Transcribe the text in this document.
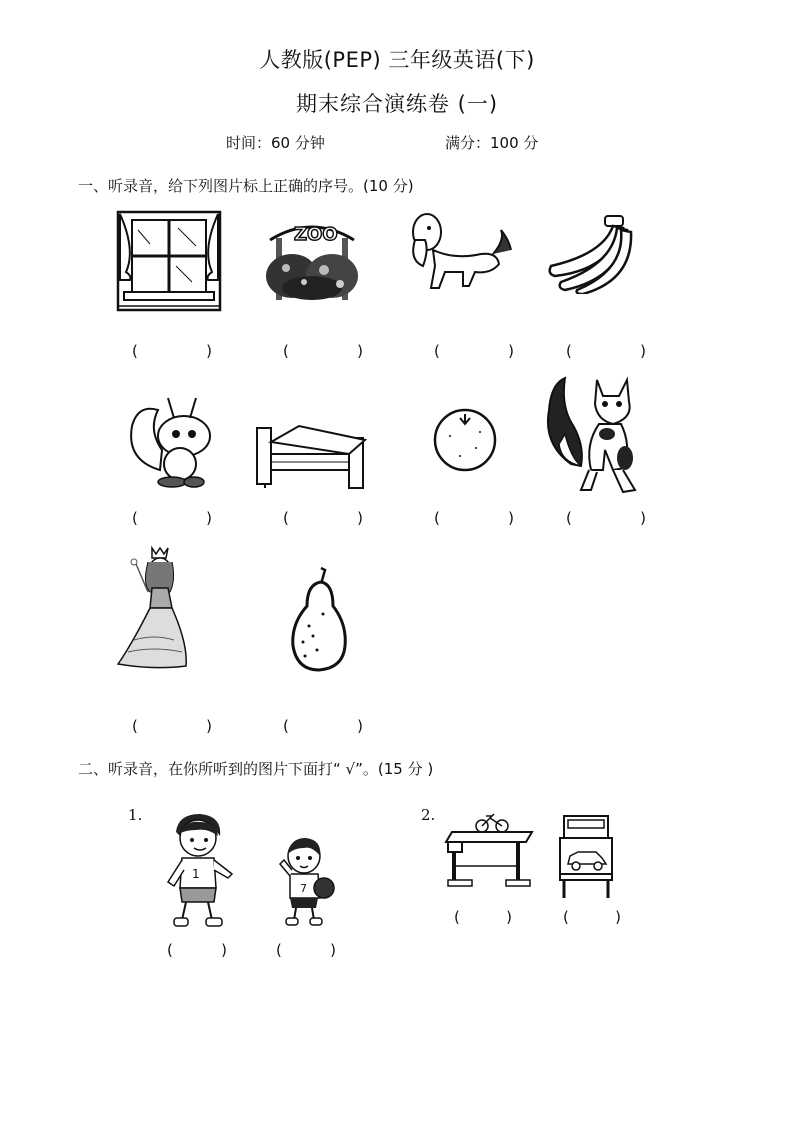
人教版(PEP) 三年级英语(下)
期末综合演练卷 (一)
时间：60 分钟	满分：100 分
一、听录音，给下列图片标上正确的序号。(10 分)
ZOO
(	)	(	)	(	)	(	)
(	)	(	)	(	)	(	)
(	)	(	)
二、听录音，在你所听到的图片下面打“ √”。(15 分 )
1.	2.
1
7
(	)	(	)
(	)	(	)
